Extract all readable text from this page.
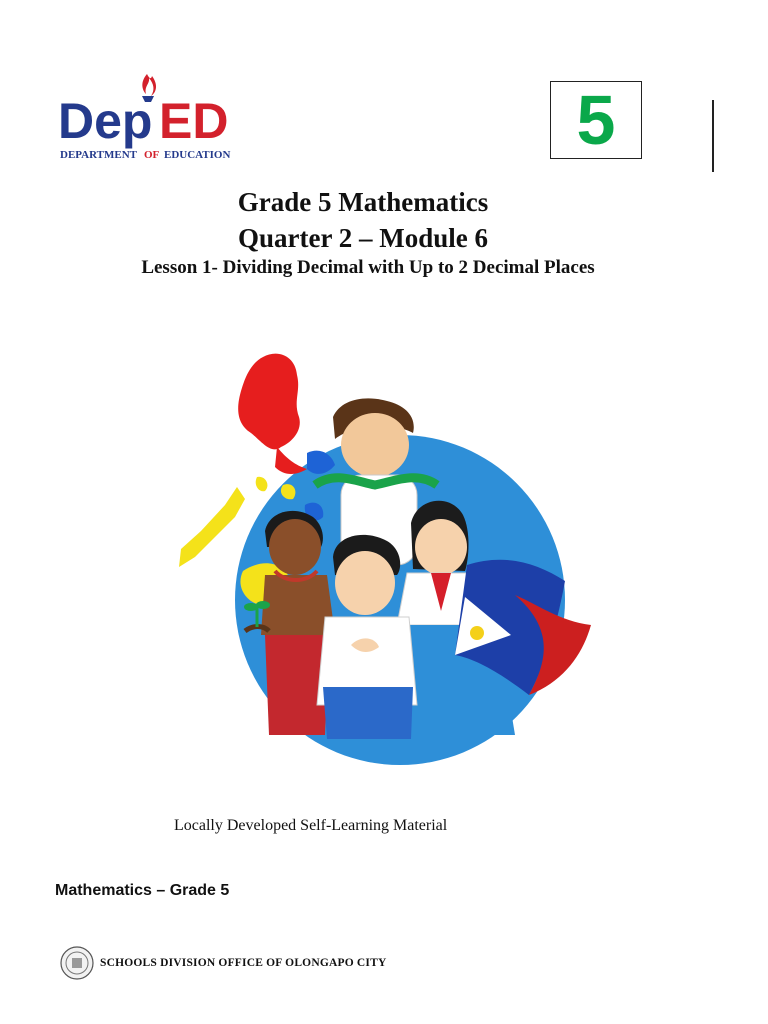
Dep ED
DEPARTMENT OF EDUCATION	5
Grade 5 Mathematics
Quarter 2 – Module 6
Lesson 1- Dividing Decimal with Up to 2 Decimal Places
Locally Developed Self-Learning Material
Mathematics – Grade 5
SCHOOLS DIVISION OFFICE OF OLONGAPO CITY
